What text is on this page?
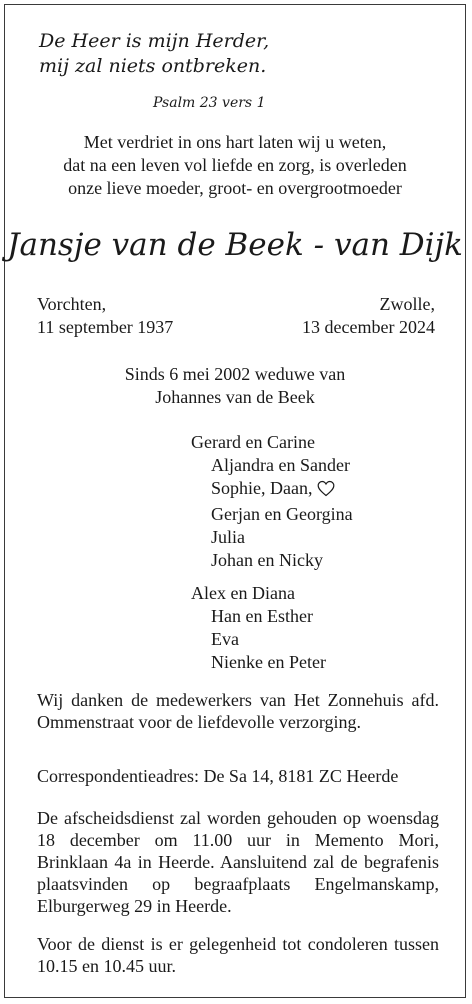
De Heer is mijn Herder,
mij zal niets ontbreken.
Psalm 23 vers 1
Met verdriet in ons hart laten wij u weten,
dat na een leven vol liefde en zorg, is overleden
onze lieve moeder, groot- en overgrootmoeder
Jansje van de Beek - van Dijk
Vorchten,
11 september 1937
Zwolle,
13 december 2024
Sinds 6 mei 2002 weduwe van
Johannes van de Beek
Gerard en Carine
Aljandra en Sander
Sophie, Daan,
Gerjan en Georgina
Julia
Johan en Nicky
Alex en Diana
Han en Esther
Eva
Nienke en Peter
Wij danken de medewerkers van Het Zonnehuis afd. Ommenstraat voor de liefdevolle verzorging.
Correspondentieadres: De Sa 14, 8181 ZC Heerde
De afscheidsdienst zal worden gehouden op woensdag 18 december om 11.00 uur in Memento Mori, Brinklaan 4a in Heerde. Aansluitend zal de begrafenis plaatsvinden op begraafplaats Engelmanskamp, Elburgerweg 29 in Heerde.
Voor de dienst is er gelegenheid tot condoleren tussen 10.15 en 10.45 uur.
